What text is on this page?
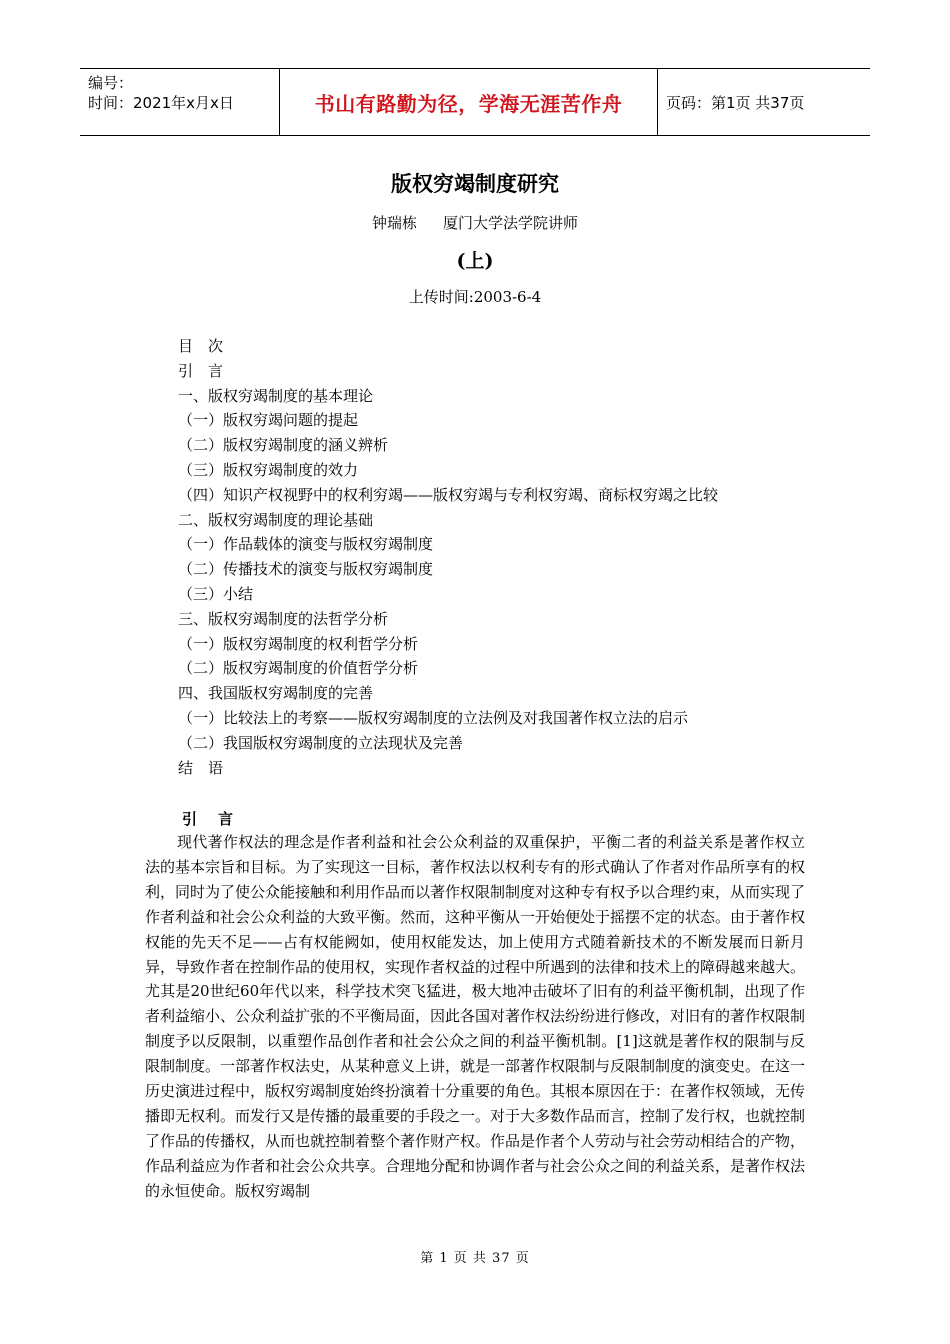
编号：
时间：2021年x月x日	书山有路勤为径，学海无涯苦作舟	页码：第1页 共37页
版权穷竭制度研究
钟瑞栋 厦门大学法学院讲师
(上)
上传时间:2003-6-4
目　次
引　言
一、版权穷竭制度的基本理论
（一）版权穷竭问题的提起
（二）版权穷竭制度的涵义辨析
（三）版权穷竭制度的效力
（四）知识产权视野中的权利穷竭——版权穷竭与专利权穷竭、商标权穷竭之比较
二、版权穷竭制度的理论基础
（一）作品载体的演变与版权穷竭制度
（二）传播技术的演变与版权穷竭制度
（三）小结
三、版权穷竭制度的法哲学分析
（一）版权穷竭制度的权利哲学分析
（二）版权穷竭制度的价值哲学分析
四、我国版权穷竭制度的完善
（一）比较法上的考察——版权穷竭制度的立法例及对我国著作权立法的启示
（二）我国版权穷竭制度的立法现状及完善
结　语
引　言

现代著作权法的理念是作者利益和社会公众利益的双重保护，平衡二者的利益关系是著作权立法的基本宗旨和目标。为了实现这一目标，著作权法以权利专有的形式确认了作者对作品所享有的权利，同时为了使公众能接触和利用作品而以著作权限制制度对这种专有权予以合理约束，从而实现了作者利益和社会公众利益的大致平衡。然而，这种平衡从一开始便处于摇摆不定的状态。由于著作权权能的先天不足——占有权能阙如，使用权能发达，加上使用方式随着新技术的不断发展而日新月异，导致作者在控制作品的使用权，实现作者权益的过程中所遇到的法律和技术上的障碍越来越大。尤其是20世纪60年代以来，科学技术突飞猛进，极大地冲击破坏了旧有的利益平衡机制，出现了作者利益缩小、公众利益扩张的不平衡局面，因此各国对著作权法纷纷进行修改，对旧有的著作权限制制度予以反限制，以重塑作品创作者和社会公众之间的利益平衡机制。[1]这就是著作权的限制与反限制制度。一部著作权法史，从某种意义上讲，就是一部著作权限制与反限制制度的演变史。在这一历史演进过程中，版权穷竭制度始终扮演着十分重要的角色。其根本原因在于：在著作权领域，无传播即无权利。而发行又是传播的最重要的手段之一。对于大多数作品而言，控制了发行权，也就控制了作品的传播权，从而也就控制着整个著作财产权。作品是作者个人劳动与社会劳动相结合的产物，作品利益应为作者和社会公众共享。合理地分配和协调作者与社会公众之间的利益关系，是著作权法的永恒使命。版权穷竭制

第 1 页 共 37 页
